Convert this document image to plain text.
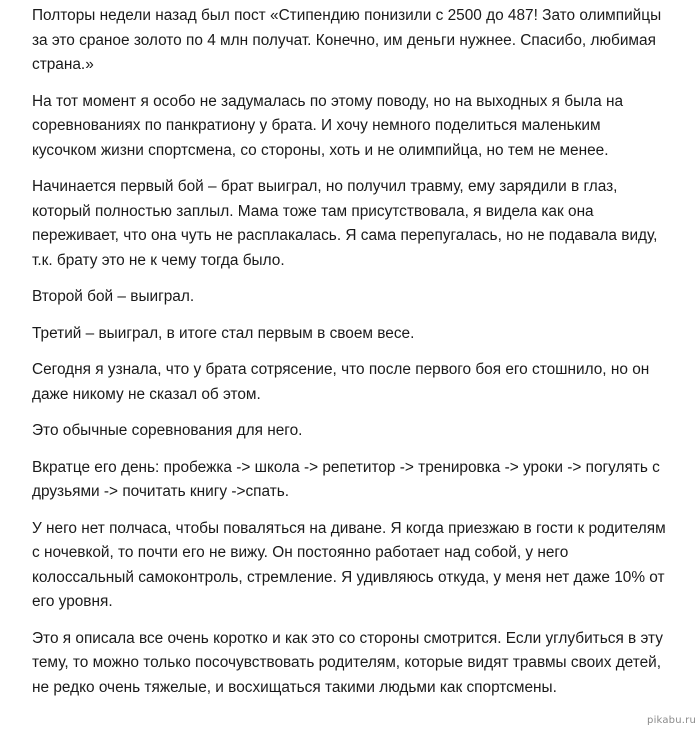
Полторы недели назад был пост «Стипендию понизили с 2500 до 487! Зато олимпийцы
за это сраное золото по 4 млн получат. Конечно, им деньги нужнее. Спасибо, любимая
страна.»

На тот момент я особо не задумалась по этому поводу, но на выходных я была на
соревнованиях по панкратиону у брата. И хочу немного поделиться маленьким
кусочком жизни спортсмена, со стороны, хоть и не олимпийца, но тем не менее.

Начинается первый бой – брат выиграл, но получил травму, ему зарядили в глаз,
который полностью заплыл. Мама тоже там присутствовала, я видела как она
переживает, что она чуть не расплакалась. Я сама перепугалась, но не подавала виду,
т.к. брату это не к чему тогда было.

Второй бой – выиграл.

Третий – выиграл, в итоге стал первым в своем весе.

Сегодня я узнала, что у брата сотрясение, что после первого боя его стошнило, но он
даже никому не сказал об этом.

Это обычные соревнования для него.

Вкратце его день: пробежка -> школа -> репетитор -> тренировка -> уроки -> погулять с
друзьями -> почитать книгу ->спать.

У него нет полчаса, чтобы поваляться на диване. Я когда приезжаю в гости к родителям
с ночевкой, то почти его не вижу. Он постоянно работает над собой, у него
колоссальный самоконтроль, стремление. Я удивляюсь откуда, у меня нет даже 10% от
его уровня.

Это я описала все очень коротко и как это со стороны смотрится. Если углубиться в эту
тему, то можно только посочувствовать родителям, которые видят травмы своих детей,
не редко очень тяжелые, и восхищаться такими людьми как спортсмены.

pikabu.ru
